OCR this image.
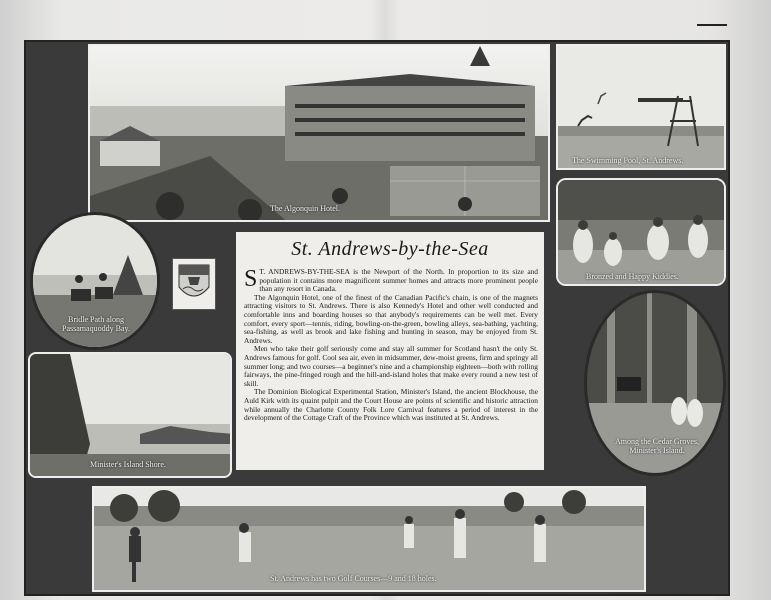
The Algonquin Hotel.
The Swimming Pool, St. Andrews.
Bronzed and Happy Kiddies.
Bridle Path along Passamaquoddy Bay.
Minister's Island Shore.
Among the Cedar Groves, Minister's Island.
St. Andrews-by-the-Sea

S T. ANDREWS-BY-THE-SEA is the Newport of the North. In proportion to its size and population it contains more magnificent summer homes and attracts more prominent people than any resort in Canada.

The Algonquin Hotel, one of the finest of the Canadian Pacific's chain, is one of the magnets attracting visitors to St. Andrews. There is also Kennedy's Hotel and other well conducted and comfortable inns and boarding houses so that anybody's requirements can be well met. Every comfort, every sport—tennis, riding, bowling-on-the-green, bowling alleys, sea-bathing, yachting, sea-fishing, as well as brook and lake fishing and hunting in season, may be enjoyed from St. Andrews.

Men who take their golf seriously come and stay all summer for Scotland hasn't the only St. Andrews famous for golf. Cool sea air, even in midsummer, dew-moist greens, firm and springy all summer long; and two courses—a beginner's nine and a championship eighteen—both with rolling fairways, the pine-fringed rough and the hill-and-island holes that make every round a new test of skill.

The Dominion Biological Experimental Station, Minister's Island, the ancient Blockhouse, the Auld Kirk with its quaint pulpit and the Court House are points of scientific and historic attraction while annually the Charlotte County Folk Lore Carnival features a period of interest in the development of the Cottage Craft of the Province which was instituted at St. Andrews.

St. Andrews has two Golf Courses—9 and 18 holes.
